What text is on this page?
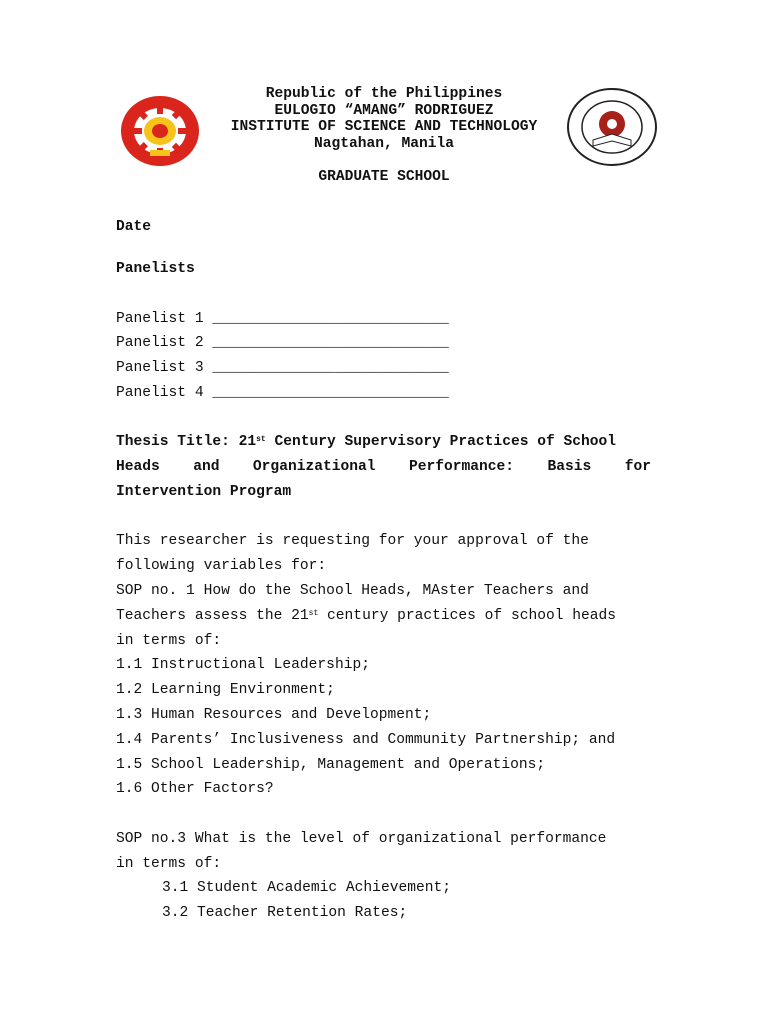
Republic of the Philippines
EULOGIO “AMANG” RODRIGUEZ
INSTITUTE OF SCIENCE AND TECHNOLOGY
Nagtahan, Manila
GRADUATE SCHOOL
Date
Panelists
Panelist 1 ___________________________
Panelist 2 ___________________________
Panelist 3 ___________________________
Panelist 4 ___________________________
Thesis Title: 21st Century Supervisory Practices of School
Heads and Organizational Performance: Basis for
Intervention Program
This researcher is requesting for your approval of the
following variables for:
SOP no. 1 How do the School Heads, MAster Teachers and
Teachers assess the 21st century practices of school heads
in terms of:
1.1 Instructional Leadership;
1.2 Learning Environment;
1.3 Human Resources and Development;
1.4 Parents’ Inclusiveness and Community Partnership; and
1.5 School Leadership, Management and Operations;
1.6 Other Factors?
SOP no.3 What is the level of organizational performance
in terms of:
3.1 Student Academic Achievement;
3.2 Teacher Retention Rates;
